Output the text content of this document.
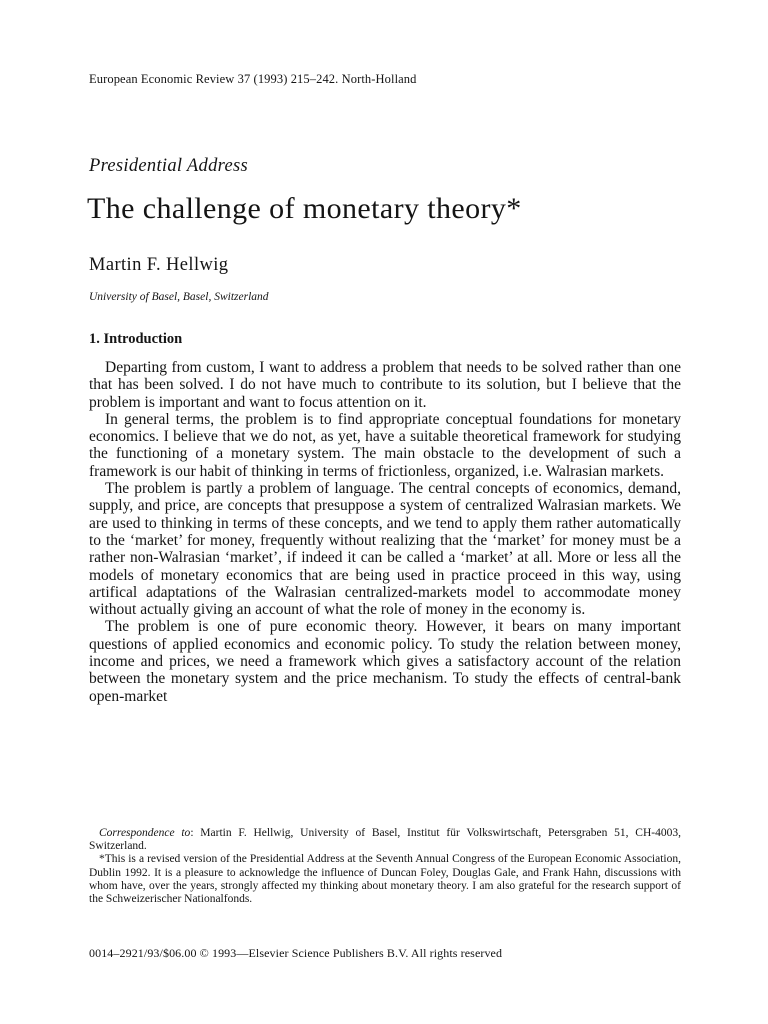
European Economic Review 37 (1993) 215–242. North-Holland
Presidential Address
The challenge of monetary theory*
Martin F. Hellwig
University of Basel, Basel, Switzerland
1. Introduction

Departing from custom, I want to address a problem that needs to be solved rather than one that has been solved. I do not have much to contribute to its solution, but I believe that the problem is important and want to focus attention on it.

In general terms, the problem is to find appropriate conceptual foundations for monetary economics. I believe that we do not, as yet, have a suitable theoretical framework for studying the functioning of a monetary system. The main obstacle to the development of such a framework is our habit of thinking in terms of frictionless, organized, i.e. Walrasian markets.

The problem is partly a problem of language. The central concepts of economics, demand, supply, and price, are concepts that presuppose a system of centralized Walrasian markets. We are used to thinking in terms of these concepts, and we tend to apply them rather automatically to the ‘market’ for money, frequently without realizing that the ‘market’ for money must be a rather non-Walrasian ‘market’, if indeed it can be called a ‘market’ at all. More or less all the models of monetary economics that are being used in practice proceed in this way, using artifical adaptations of the Walrasian centralized-markets model to accommodate money without actually giving an account of what the role of money in the economy is.

The problem is one of pure economic theory. However, it bears on many important questions of applied economics and economic policy. To study the relation between money, income and prices, we need a framework which gives a satisfactory account of the relation between the monetary system and the price mechanism. To study the effects of central-bank open-market

Correspondence to: Martin F. Hellwig, University of Basel, Institut für Volkswirtschaft, Petersgraben 51, CH-4003, Switzerland.

*This is a revised version of the Presidential Address at the Seventh Annual Congress of the European Economic Association, Dublin 1992. It is a pleasure to acknowledge the influence of Duncan Foley, Douglas Gale, and Frank Hahn, discussions with whom have, over the years, strongly affected my thinking about monetary theory. I am also grateful for the research support of the Schweizerischer Nationalfonds.

0014–2921/93/$06.00 © 1993—Elsevier Science Publishers B.V. All rights reserved
